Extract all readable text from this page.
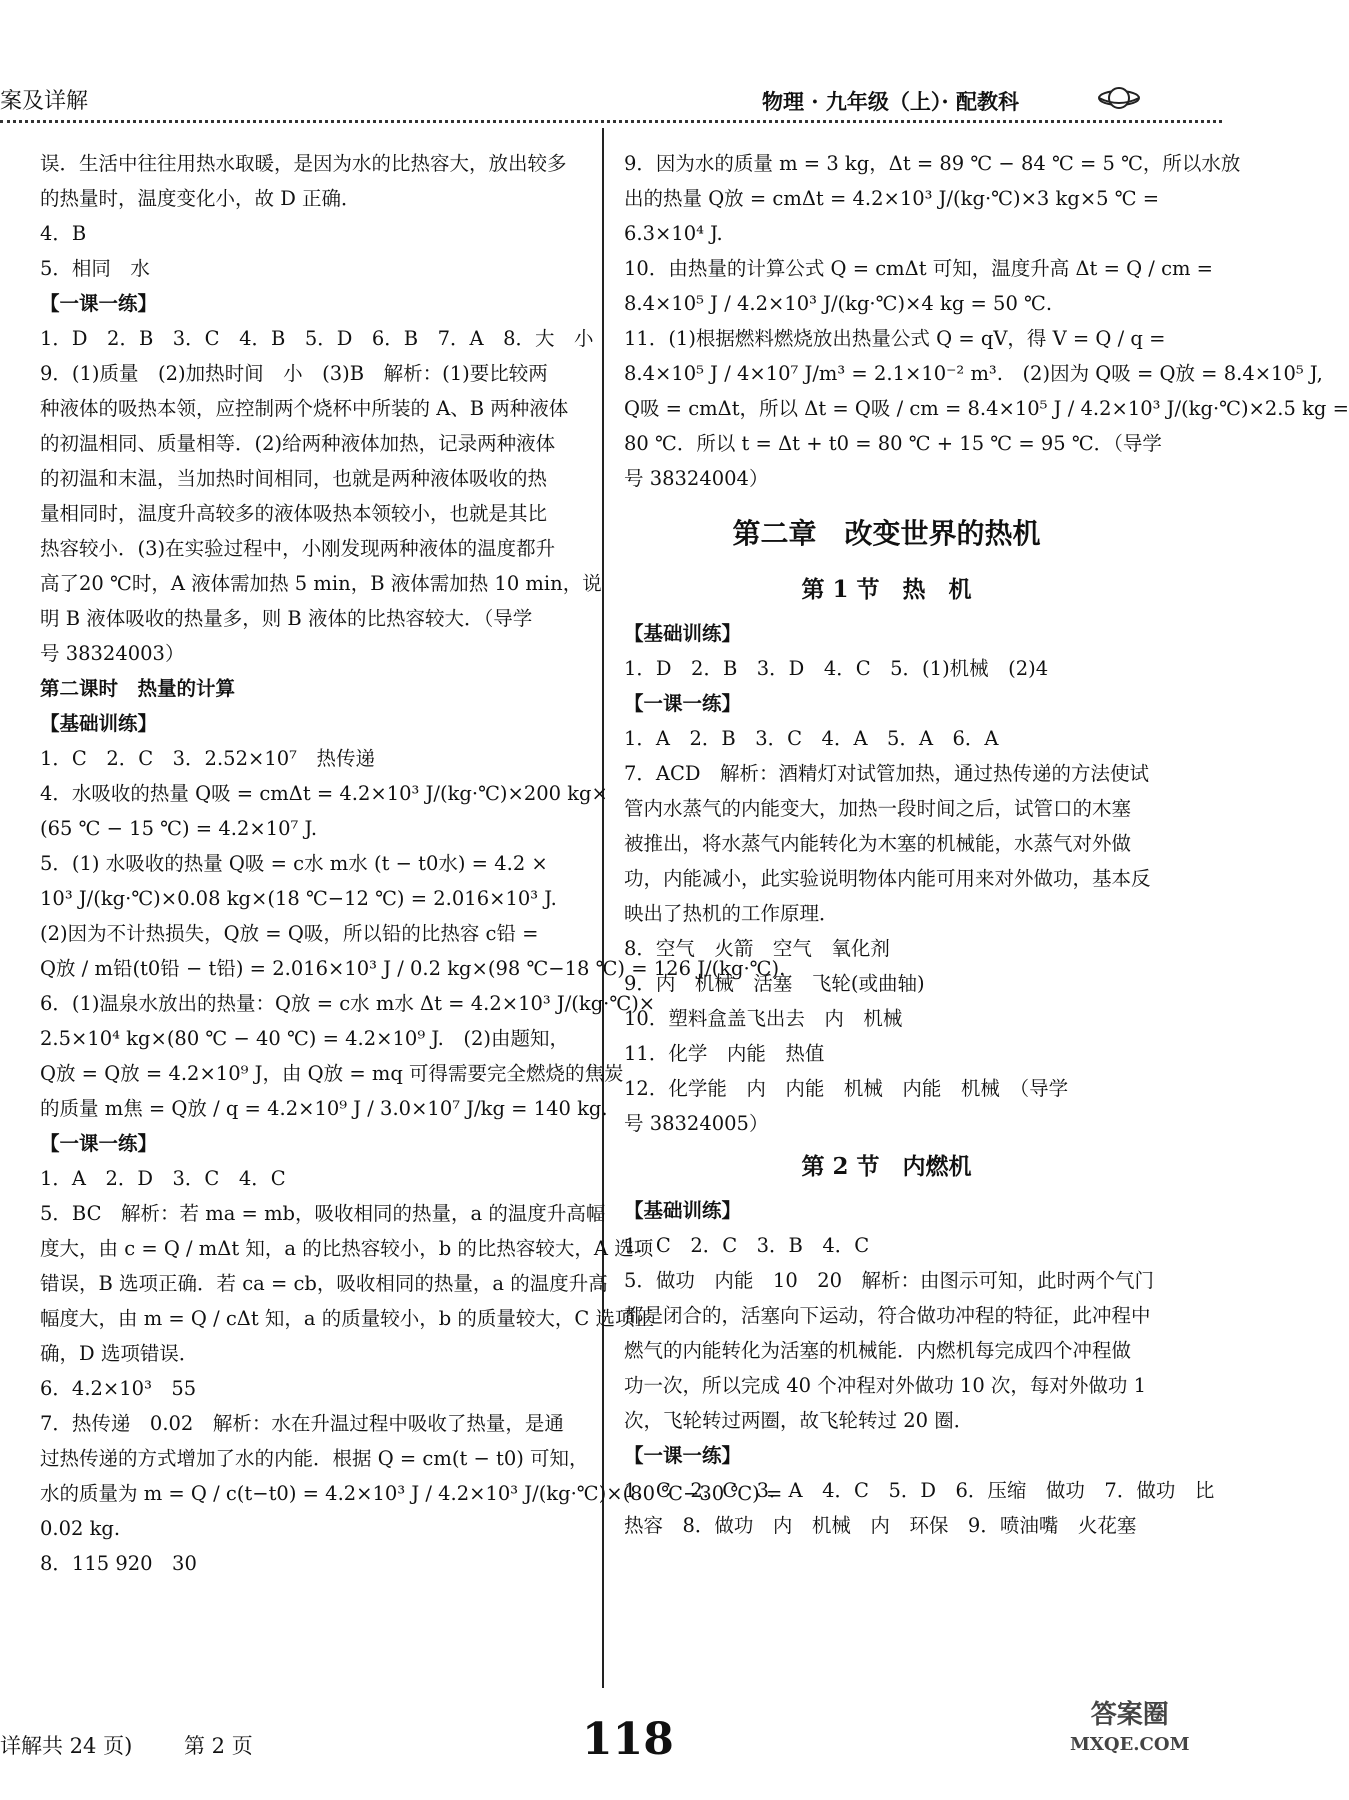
案及详解	物理 · 九年级（上）· 配教科
误．生活中往往用热水取暖，是因为水的比热容大，放出较多
的热量时，温度变化小，故 D 正确．
4．B
5．相同　水
【一课一练】
1．D　2．B　3．C　4．B　5．D　6．B　7．A　8．大　小
9．(1)质量　(2)加热时间　小　(3)B　解析：(1)要比较两
种液体的吸热本领，应控制两个烧杯中所装的 A、B 两种液体
的初温相同、质量相等．(2)给两种液体加热，记录两种液体
的初温和末温，当加热时间相同，也就是两种液体吸收的热
量相同时，温度升高较多的液体吸热本领较小，也就是其比
热容较小．(3)在实验过程中，小刚发现两种液体的温度都升
高了20 ℃时，A 液体需加热 5 min，B 液体需加热 10 min，说
明 B 液体吸收的热量多，则 B 液体的比热容较大．（导学
号 38324003）
第二课时　热量的计算
【基础训练】
1．C　2．C　3．2.52×10⁷　热传递
4．水吸收的热量 Q吸 = cmΔt = 4.2×10³ J/(kg·℃)×200 kg×
(65 ℃ − 15 ℃) = 4.2×10⁷ J.
5．(1) 水吸收的热量 Q吸 = c水 m水 (t − t0水) = 4.2 ×
10³ J/(kg·℃)×0.08 kg×(18 ℃−12 ℃) = 2.016×10³ J.
(2)因为不计热损失，Q放 = Q吸，所以铅的比热容 c铅 =
Q放 / m铅(t0铅 − t铅) = 2.016×10³ J / 0.2 kg×(98 ℃−18 ℃) = 126 J/(kg·℃).
6．(1)温泉水放出的热量：Q放 = c水 m水 Δt = 4.2×10³ J/(kg·℃)×
2.5×10⁴ kg×(80 ℃ − 40 ℃) = 4.2×10⁹ J.　(2)由题知，
Q放 = Q放 = 4.2×10⁹ J，由 Q放 = mq 可得需要完全燃烧的焦炭
的质量 m焦 = Q放 / q = 4.2×10⁹ J / 3.0×10⁷ J/kg = 140 kg.
【一课一练】
1．A　2．D　3．C　4．C
5．BC　解析：若 ma = mb，吸收相同的热量，a 的温度升高幅
度大，由 c = Q / mΔt 知，a 的比热容较小，b 的比热容较大，A 选项
错误，B 选项正确．若 ca = cb，吸收相同的热量，a 的温度升高
幅度大，由 m = Q / cΔt 知，a 的质量较小，b 的质量较大，C 选项正
确，D 选项错误．
6．4.2×10³　55
7．热传递　0.02　解析：水在升温过程中吸收了热量，是通
过热传递的方式增加了水的内能．根据 Q = cm(t − t0) 可知，
水的质量为 m = Q / c(t−t0) = 4.2×10³ J / 4.2×10³ J/(kg·℃)×(80 ℃−30 ℃) =
0.02 kg.
8．115 920　30
9．因为水的质量 m = 3 kg，Δt = 89 ℃ − 84 ℃ = 5 ℃，所以水放
出的热量 Q放 = cmΔt = 4.2×10³ J/(kg·℃)×3 kg×5 ℃ =
6.3×10⁴ J.
10．由热量的计算公式 Q = cmΔt 可知，温度升高 Δt = Q / cm =
8.4×10⁵ J / 4.2×10³ J/(kg·℃)×4 kg = 50 ℃.
11．(1)根据燃料燃烧放出热量公式 Q = qV，得 V = Q / q =
8.4×10⁵ J / 4×10⁷ J/m³ = 2.1×10⁻² m³.　(2)因为 Q吸 = Q放 = 8.4×10⁵ J,
Q吸 = cmΔt，所以 Δt = Q吸 / cm = 8.4×10⁵ J / 4.2×10³ J/(kg·℃)×2.5 kg =
80 ℃．所以 t = Δt + t0 = 80 ℃ + 15 ℃ = 95 ℃．（导学
号 38324004）
第二章　改变世界的热机
第 1 节　热　机
【基础训练】
1．D　2．B　3．D　4．C　5．(1)机械　(2)4
【一课一练】
1．A　2．B　3．C　4．A　5．A　6．A
7．ACD　解析：酒精灯对试管加热，通过热传递的方法使试
管内水蒸气的内能变大，加热一段时间之后，试管口的木塞
被推出，将水蒸气内能转化为木塞的机械能，水蒸气对外做
功，内能减小，此实验说明物体内能可用来对外做功，基本反
映出了热机的工作原理．
8．空气　火箭　空气　氧化剂
9．内　机械　活塞　飞轮(或曲轴)
10．塑料盒盖飞出去　内　机械
11．化学　内能　热值
12．化学能　内　内能　机械　内能　机械　（导学
号 38324005）
第 2 节　内燃机
【基础训练】
1．C　2．C　3．B　4．C
5．做功　内能　10　20　解析：由图示可知，此时两个气门
都是闭合的，活塞向下运动，符合做功冲程的特征，此冲程中
燃气的内能转化为活塞的机械能．内燃机每完成四个冲程做
功一次，所以完成 40 个冲程对外做功 10 次，每对外做功 1
次，飞轮转过两圈，故飞轮转过 20 圈．
【一课一练】
1．C　2．C　3．A　4．C　5．D　6．压缩　做功　7．做功　比
热容　8．做功　内　机械　内　环保　9．喷油嘴　火花塞
详解共 24 页) 第 2 页	118	答案圈
MXQE.COM
